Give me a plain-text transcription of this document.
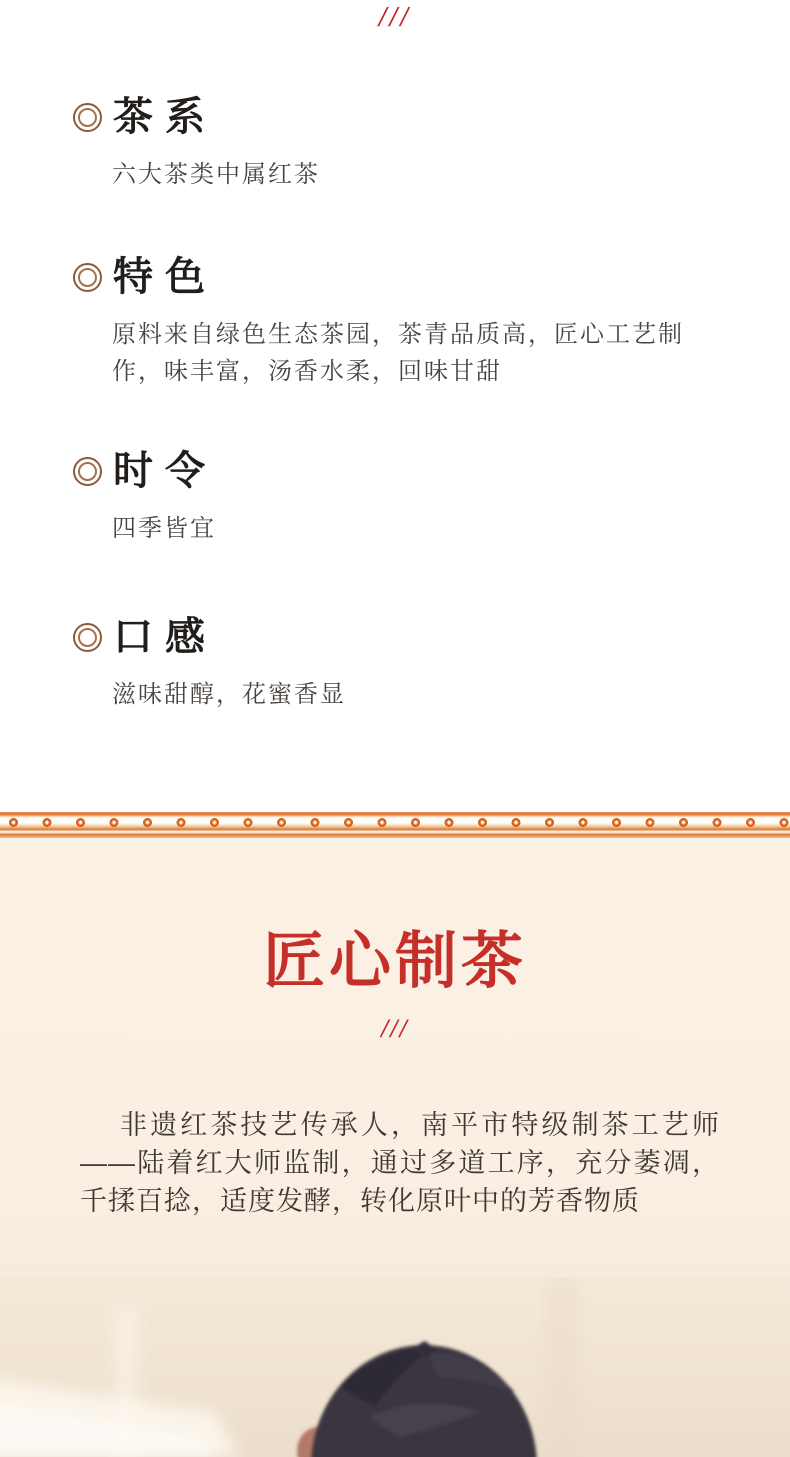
///
茶 系
六大茶类中属红茶
特 色
原料来自绿色生态茶园，茶青品质高，匠心工艺制作，味丰富，汤香水柔，回味甘甜
时 令
四季皆宜
口 感
滋味甜醇，花蜜香显
匠心制茶
///
非遗红茶技艺传承人，南平市特级制茶工艺师——陆着红大师监制，通过多道工序，充分萎凋，千揉百捻，适度发酵，转化原叶中的芳香物质
